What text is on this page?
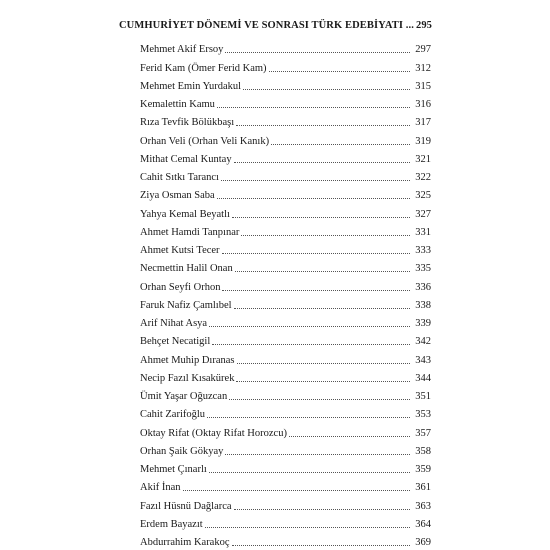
CUMHURİYET DÖNEMİ VE SONRASI TÜRK EDEBİYATI ... 295
Mehmet Akif Ersoy	297
Ferid Kam (Ömer Ferid Kam)	312
Mehmet Emin Yurdakul	315
Kemalettin Kamu	316
Rıza Tevfik Bölükbaşı	317
Orhan Veli (Orhan Veli Kanık)	319
Mithat Cemal Kuntay	321
Cahit Sıtkı Tarancı	322
Ziya Osman Saba	325
Yahya Kemal Beyatlı	327
Ahmet Hamdi Tanpınar	331
Ahmet Kutsi Tecer	333
Necmettin Halil Onan	335
Orhan Seyfi Orhon	336
Faruk Nafiz Çamlıbel	338
Arif Nihat Asya	339
Behçet Necatigil	342
Ahmet Muhip Dıranas	343
Necip Fazıl Kısakürek	344
Ümit Yaşar Oğuzcan	351
Cahit Zarifoğlu	353
Oktay Rifat (Oktay Rifat Horozcu)	357
Orhan Şaik Gökyay	358
Mehmet Çınarlı	359
Akif İnan	361
Fazıl Hüsnü Dağlarca	363
Erdem Bayazıt	364
Abdurrahim Karakoç	369
